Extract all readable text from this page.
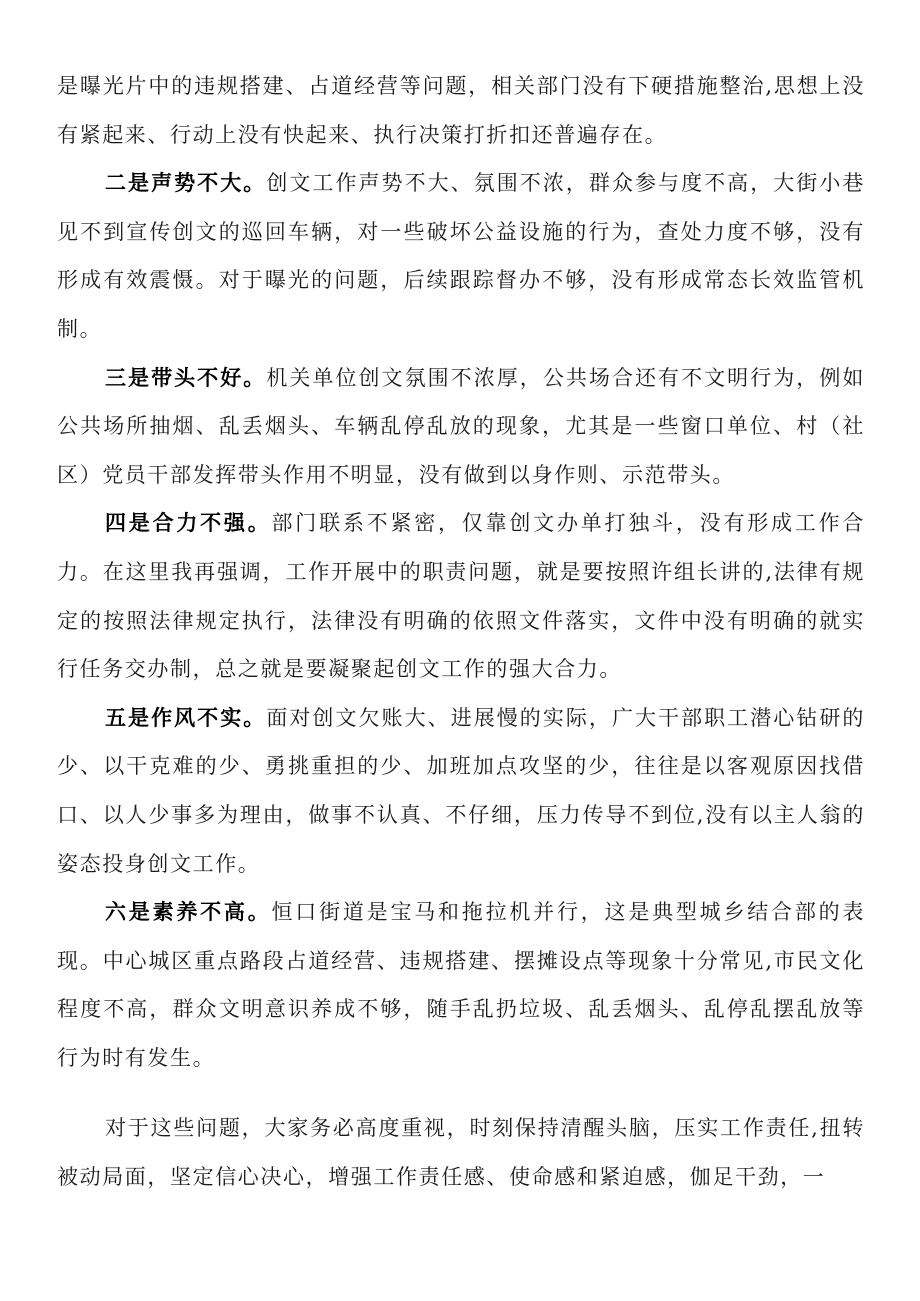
是曝光片中的违规搭建、占道经营等问题，相关部门没有下硬措施整治,思想上没有紧起来、行动上没有快起来、执行决策打折扣还普遍存在。

二是声势不大。创文工作声势不大、氛围不浓，群众参与度不高，大街小巷见不到宣传创文的巡回车辆，对一些破坏公益设施的行为，查处力度不够，没有形成有效震慑。对于曝光的问题，后续跟踪督办不够，没有形成常态长效监管机制。

三是带头不好。机关单位创文氛围不浓厚，公共场合还有不文明行为，例如公共场所抽烟、乱丢烟头、车辆乱停乱放的现象，尤其是一些窗口单位、村（社区）党员干部发挥带头作用不明显，没有做到以身作则、示范带头。

四是合力不强。部门联系不紧密，仅靠创文办单打独斗，没有形成工作合力。在这里我再强调，工作开展中的职责问题，就是要按照许组长讲的,法律有规定的按照法律规定执行，法律没有明确的依照文件落实，文件中没有明确的就实行任务交办制，总之就是要凝聚起创文工作的强大合力。

五是作风不实。面对创文欠账大、进展慢的实际，广大干部职工潜心钻研的少、以干克难的少、勇挑重担的少、加班加点攻坚的少，往往是以客观原因找借口、以人少事多为理由，做事不认真、不仔细，压力传导不到位,没有以主人翁的姿态投身创文工作。

六是素养不高。恒口街道是宝马和拖拉机并行，这是典型城乡结合部的表现。中心城区重点路段占道经营、违规搭建、摆摊设点等现象十分常见,市民文化程度不高，群众文明意识养成不够，随手乱扔垃圾、乱丢烟头、乱停乱摆乱放等行为时有发生。

对于这些问题，大家务必高度重视，时刻保持清醒头脑，压实工作责任,扭转被动局面，坚定信心决心，增强工作责任感、使命感和紧迫感，伽足干劲，一
